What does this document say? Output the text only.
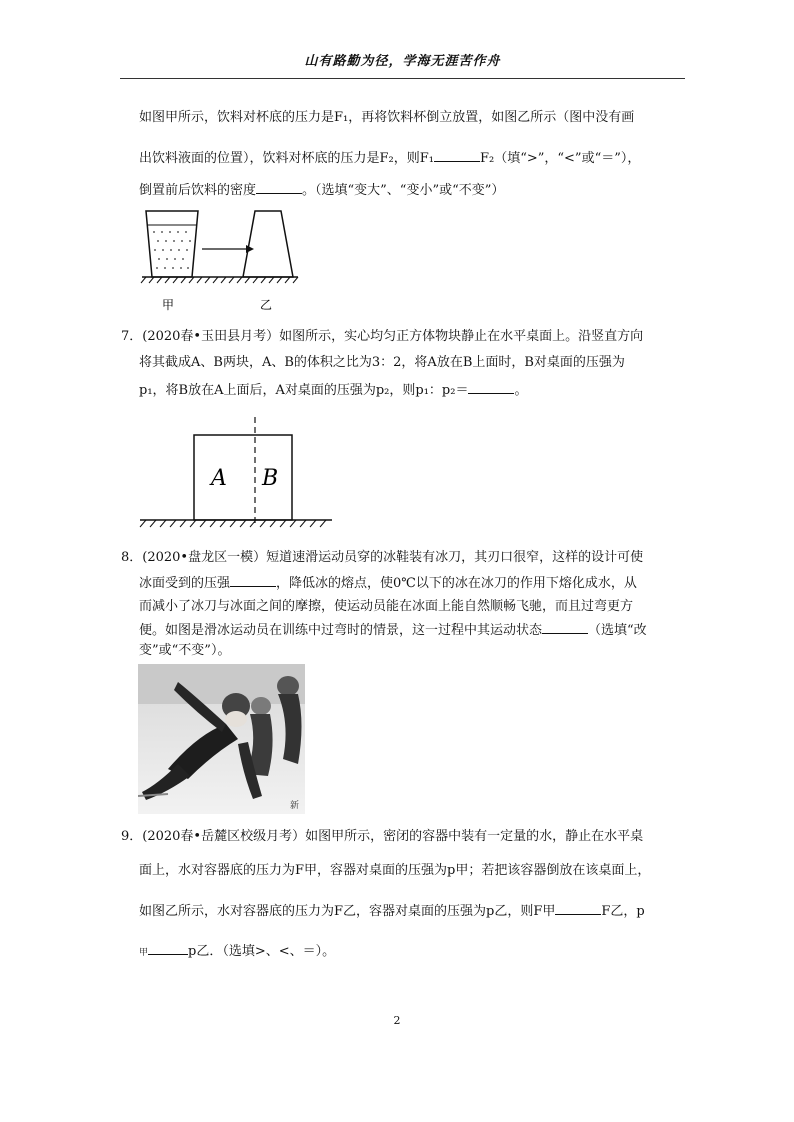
山有路勤为径，学海无涯苦作舟
如图甲所示，饮料对杯底的压力是F₁，再将饮料杯倒立放置，如图乙所示（图中没有画
出饮料液面的位置），饮料对杯底的压力是F₂，则F₁	F₂（填“>”，“<”或“＝”），
倒置前后饮料的密度	。（选填“变大”、“变小”或“不变”）
甲	乙
7．(2020春•玉田县月考）如图所示，实心均匀正方体物块静止在水平桌面上。沿竖直方向
将其截成A、B两块，A、B的体积之比为3：2，将A放在B上面时，B对桌面的压强为
p₁，将B放在A上面后，A对桌面的压强为p₂，则p₁：p₂＝	。
A B
8．(2020•盘龙区一模）短道速滑运动员穿的冰鞋装有冰刀，其刃口很窄，这样的设计可使
冰面受到的压强	，降低冰的熔点，使0℃以下的冰在冰刀的作用下熔化成水，从
而减小了冰刀与冰面之间的摩擦，使运动员能在冰面上能自然顺畅飞驰，而且过弯更方
便。如图是滑冰运动员在训练中过弯时的情景，这一过程中其运动状态	（选填“改
变”或“不变”）。
新
9．(2020春•岳麓区校级月考）如图甲所示，密闭的容器中装有一定量的水，静止在水平桌
面上，水对容器底的压力为F甲，容器对桌面的压强为p甲；若把该容器倒放在该桌面上，
如图乙所示，水对容器底的压力为F乙，容器对桌面的压强为p乙，则F甲	F乙，p
甲	p乙．（选填>、<、＝）。
2
